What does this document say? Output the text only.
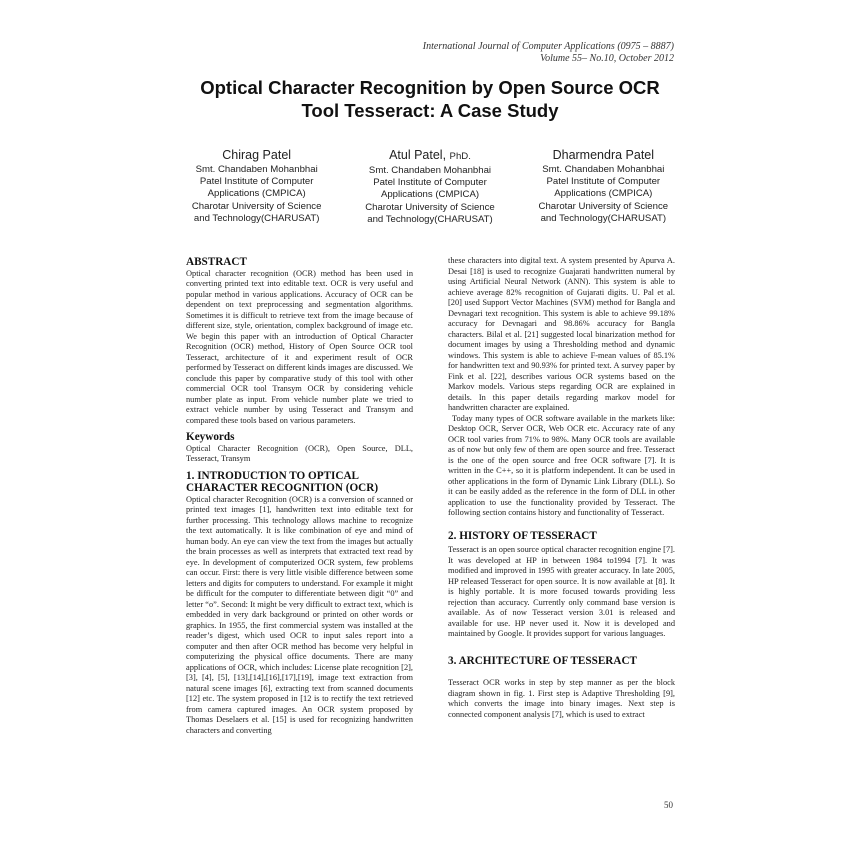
International Journal of Computer Applications (0975 – 8887)
Volume 55– No.10, October 2012
Optical Character Recognition by Open Source OCR
Tool Tesseract: A Case Study
Chirag Patel
Smt. Chandaben Mohanbhai
Patel Institute of Computer
Applications (CMPICA)
Charotar University of Science
and Technology(CHARUSAT)
Atul Patel, PhD.
Smt. Chandaben Mohanbhai
Patel Institute of Computer
Applications (CMPICA)
Charotar University of Science
and Technology(CHARUSAT)
Dharmendra Patel
Smt. Chandaben Mohanbhai
Patel Institute of Computer
Applications (CMPICA)
Charotar University of Science
and Technology(CHARUSAT)
ABSTRACT

Optical character recognition (OCR) method has been used in converting printed text into editable text. OCR is very useful and popular method in various applications. Accuracy of OCR can be dependent on text preprocessing and segmentation algorithms. Sometimes it is difficult to retrieve text from the image because of different size, style, orientation, complex background of image etc. We begin this paper with an introduction of Optical Character Recognition (OCR) method, History of Open Source OCR tool Tesseract, architecture of it and experiment result of OCR performed by Tesseract on different kinds images are discussed. We conclude this paper by comparative study of this tool with other commercial OCR tool Transym OCR by considering vehicle number plate as input. From vehicle number plate we tried to extract vehicle number by using Tesseract and Transym and compared these tools based on various parameters.

Keywords

Optical Character Recognition (OCR), Open Source, DLL, Tesseract, Transym

1. INTRODUCTION TO OPTICAL
CHARACTER RECOGNITION (OCR)

Optical character Recognition (OCR) is a conversion of scanned or printed text images [1], handwritten text into editable text for further processing. This technology allows machine to recognize the text automatically. It is like combination of eye and mind of human body. An eye can view the text from the images but actually the brain processes as well as interprets that extracted text read by eye. In development of computerized OCR system, few problems can occur. First: there is very little visible difference between some letters and digits for computers to understand. For example it might be difficult for the computer to differentiate between digit “0” and letter “o”. Second: It might be very difficult to extract text, which is embedded in very dark background or printed on other words or graphics. In 1955, the first commercial system was installed at the reader’s digest, which used OCR to input sales report into a computer and then after OCR method has become very helpful in computerizing the physical office documents. There are many applications of OCR, which includes: License plate recognition [2], [3], [4], [5], [13],[14],[16],[17],[19], image text extraction from natural scene images [6], extracting text from scanned documents [12] etc. The system proposed in [12 is to rectify the text retrieved from camera captured images. An OCR system proposed by Thomas Deselaers et al. [15] is used for recognizing handwritten characters and converting

these characters into digital text. A system presented by Apurva A. Desai [18] is used to recognize Guajarati handwritten numeral by using Artificial Neural Network (ANN). This system is able to achieve average 82% recognition of Gujarati digits. U. Pal et al. [20] used Support Vector Machines (SVM) method for Bangla and Devnagari text recognition. This system is able to achieve 99.18% accuracy for Devnagari and 98.86% accuracy for Bangla characters. Bilal et al. [21] suggested local binarization method for document images by using a Thresholding method and dynamic windows. This system is able to achieve F-mean values of 85.1% for handwritten text and 90.93% for printed text. A survey paper by Fink et al. [22], describes various OCR systems based on the Markov models. Various steps regarding OCR are explained in details. In this paper details regarding markov model for handwritten character are explained.

Today many types of OCR software available in the markets like: Desktop OCR, Server OCR, Web OCR etc. Accuracy rate of any OCR tool varies from 71% to 98%. Many OCR tools are available as of now but only few of them are open source and free. Tesseract is the one of the open source and free OCR software [7]. It is written in the C++, so it is platform independent. It can be used in other applications in the form of Dynamic Link Library (DLL). So it can be easily added as the reference in the form of DLL in other application to use the functionality provided by Tesseract. The following section contains history and functionality of Tesseract.

2. HISTORY OF TESSERACT

Tesseract is an open source optical character recognition engine [7]. It was developed at HP in between 1984 to1994 [7]. It was modified and improved in 1995 with greater accuracy. In late 2005, HP released Tesseract for open source. It is now available at [8]. It is highly portable. It is more focused towards providing less rejection than accuracy. Currently only command base version is available. As of now Tesseract version 3.01 is released and available for use. HP never used it. Now it is developed and maintained by Google. It provides support for various languages.

3. ARCHITECTURE OF TESSERACT

Tesseract OCR works in step by step manner as per the block diagram shown in fig. 1. First step is Adaptive Thresholding [9], which converts the image into binary images. Next step is connected component analysis [7], which is used to extract

50
